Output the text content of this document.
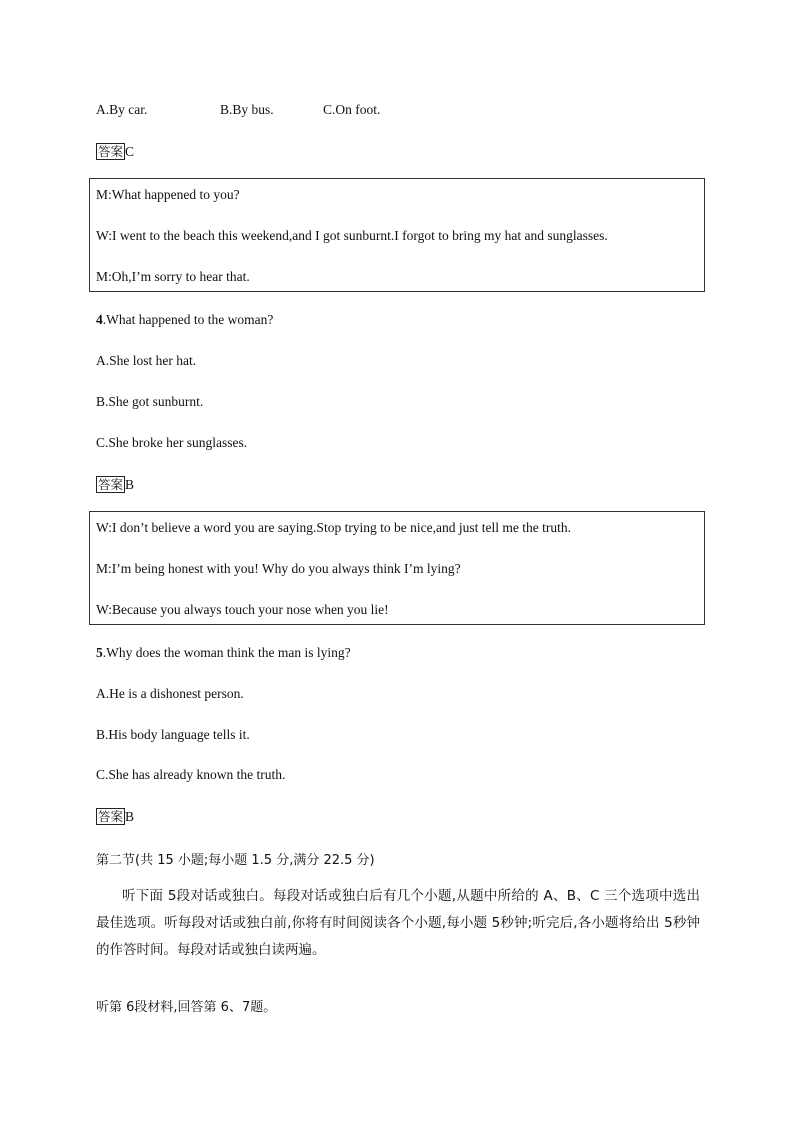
A.By car.	B.By bus.	C.On foot.
答案 C
M:What happened to you?
W:I went to the beach this weekend,and I got sunburnt.I forgot to bring my hat and sunglasses.
M:Oh,I’m sorry to hear that.
4.What happened to the woman?
A.She lost her hat.
B.She got sunburnt.
C.She broke her sunglasses.
答案 B
W:I don’t believe a word you are saying.Stop trying to be nice,and just tell me the truth.
M:I’m being honest with you! Why do you always think I’m lying?
W:Because you always touch your nose when you lie!
5.Why does the woman think the man is lying?
A.He is a dishonest person.
B.His body language tells it.
C.She has already known the truth.
答案 B
第二节(共 15 小题;每小题 1.5 分,满分 22.5 分)
听下面 5段对话或独白。每段对话或独白后有几个小题,从题中所给的 A、B、C 三个选项中选出最佳选项。听每段对话或独白前,你将有时间阅读各个小题,每小题 5秒钟;听完后,各小题将给出 5秒钟的作答时间。每段对话或独白读两遍。
听第 6段材料,回答第 6、7题。
